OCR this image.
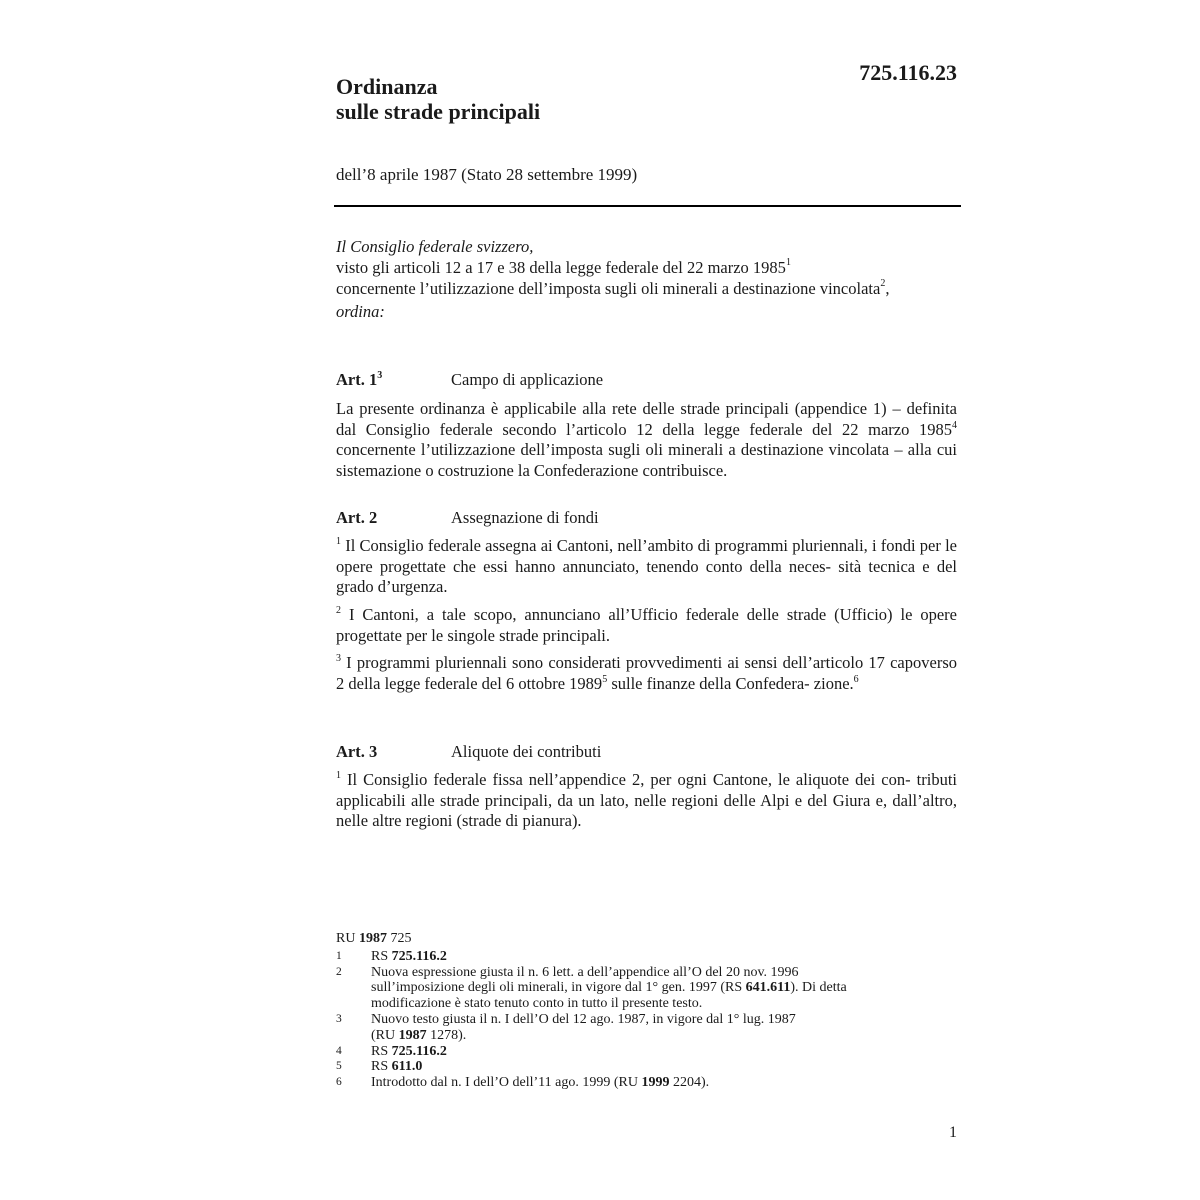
725.116.23
Ordinanza
sulle strade principali
dell’8 aprile 1987 (Stato 28 settembre 1999)
Il Consiglio federale svizzero,
visto gli articoli 12 a 17 e 38 della legge federale del 22 marzo 1985$^1$
concernente l’utilizzazione dell’imposta sugli oli minerali a destinazione vincolata$^2$,
ordina:
Art. $1^3$	Campo di applicazione
La presente ordinanza è applicabile alla rete delle strade principali (appendice 1) – definita dal Consiglio federale secondo l’articolo 12 della legge federale del 22 marzo 1985$^4$ concernente l’utilizzazione dell’imposta sugli oli minerali a destinazione vincolata – alla cui sistemazione o costruzione la Confederazione contribuisce.
Art. 2	Assegnazione di fondi
$^1$ Il Consiglio federale assegna ai Cantoni, nell’ambito di programmi pluriennali, i fondi per le opere progettate che essi hanno annunciato, tenendo conto della neces- sità tecnica e del grado d’urgenza.
$^2$ I Cantoni, a tale scopo, annunciano all’Ufficio federale delle strade (Ufficio) le opere progettate per le singole strade principali.
$^3$ I programmi pluriennali sono considerati provvedimenti ai sensi dell’articolo 17 capoverso 2 della legge federale del 6 ottobre 1989$^5$ sulle finanze della Confedera- zione.$^6$
Art. 3	Aliquote dei contributi
$^1$ Il Consiglio federale fissa nell’appendice 2, per ogni Cantone, le aliquote dei con- tributi applicabili alle strade principali, da un lato, nelle regioni delle Alpi e del Giura e, dall’altro, nelle altre regioni (strade di pianura).
RU 1987 725
1	RS 725.116.2
2	Nuova espressione giusta il n. 6 lett. a dell’appendice all’O del 20 nov. 1996
sull’imposizione degli oli minerali, in vigore dal 1° gen. 1997 (RS 641.611). Di detta
modificazione è stato tenuto conto in tutto il presente testo.
3	Nuovo testo giusta il n. I dell’O del 12 ago. 1987, in vigore dal 1° lug. 1987
(RU 1987 1278).
4	RS 725.116.2
5	RS 611.0
6	Introdotto dal n. I dell’O dell’11 ago. 1999 (RU 1999 2204).
1
